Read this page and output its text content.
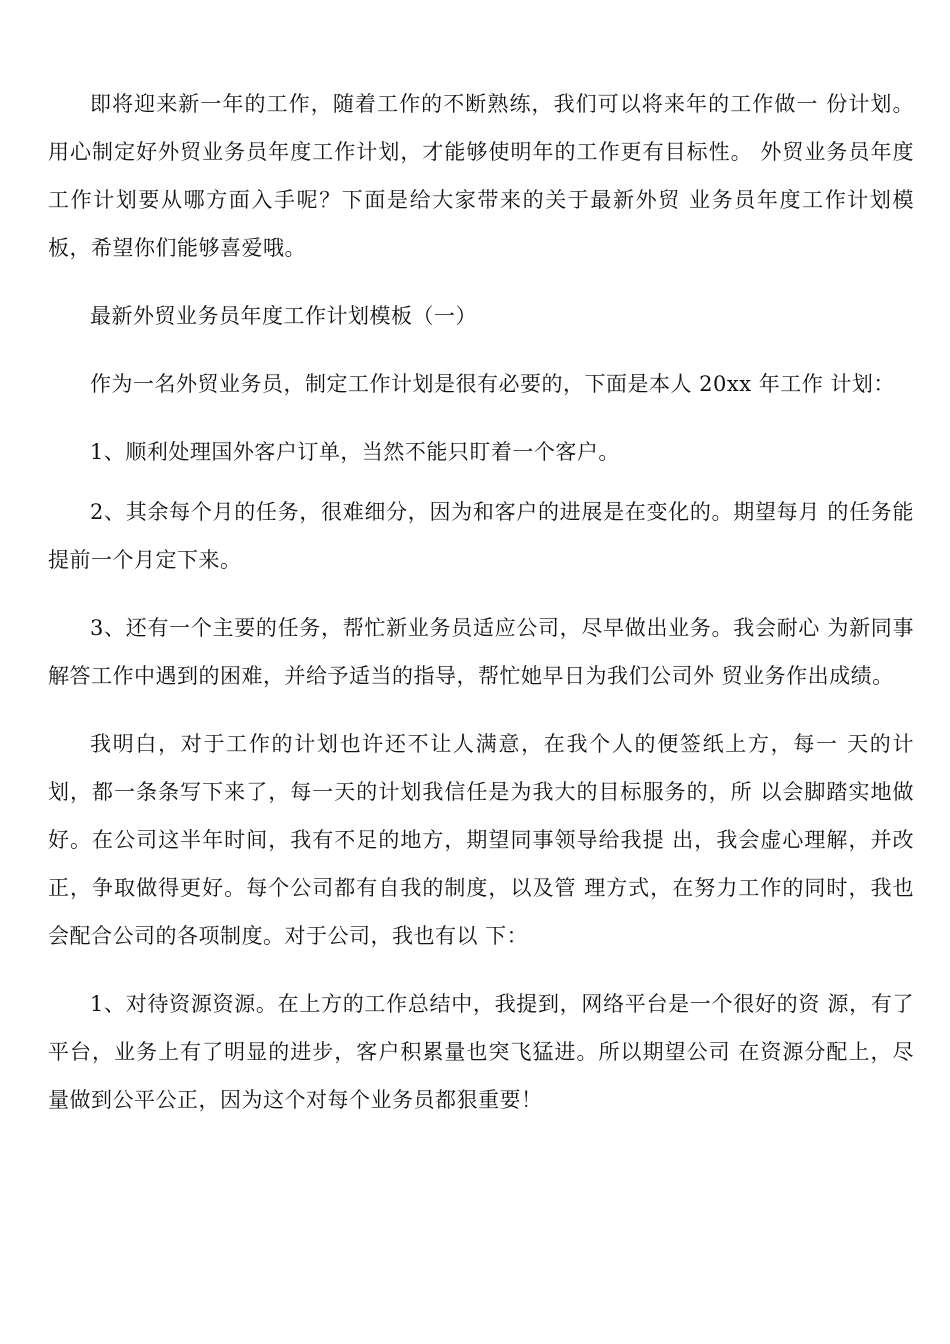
即将迎来新一年的工作，随着工作的不断熟练，我们可以将来年的工作做一 份计划。用心制定好外贸业务员年度工作计划，才能够使明年的工作更有目标性。 外贸业务员年度工作计划要从哪方面入手呢？下面是给大家带来的关于最新外贸 业务员年度工作计划模板，希望你们能够喜爱哦。

最新外贸业务员年度工作计划模板（一）

作为一名外贸业务员，制定工作计划是很有必要的，下面是本人 20xx 年工作 计划：

1、顺利处理国外客户订单，当然不能只盯着一个客户。

2、其余每个月的任务，很难细分，因为和客户的进展是在变化的。期望每月 的任务能提前一个月定下来。

3、还有一个主要的任务，帮忙新业务员适应公司，尽早做出业务。我会耐心 为新同事解答工作中遇到的困难，并给予适当的指导，帮忙她早日为我们公司外 贸业务作出成绩。

我明白，对于工作的计划也许还不让人满意，在我个人的便签纸上方，每一 天的计划，都一条条写下来了，每一天的计划我信任是为我大的目标服务的，所 以会脚踏实地做好。在公司这半年时间，我有不足的地方，期望同事领导给我提 出，我会虚心理解，并改正，争取做得更好。每个公司都有自我的制度，以及管 理方式，在努力工作的同时，我也会配合公司的各项制度。对于公司，我也有以 下：

1、对待资源资源。在上方的工作总结中，我提到，网络平台是一个很好的资 源，有了平台，业务上有了明显的进步，客户积累量也突飞猛进。所以期望公司 在资源分配上，尽量做到公平公正，因为这个对每个业务员都狠重要！
